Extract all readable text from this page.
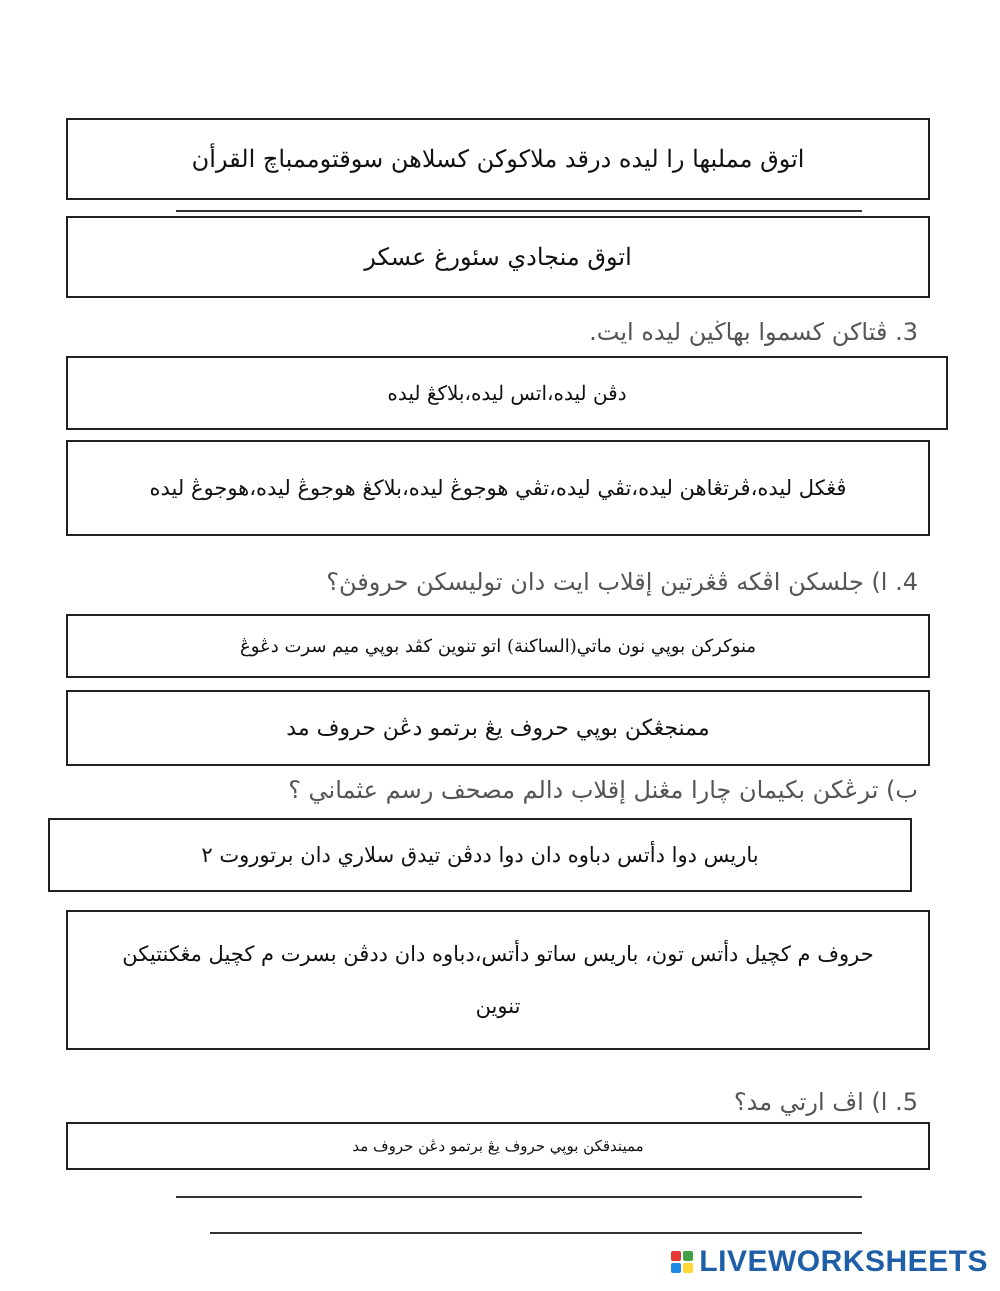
اتوق مملبها را ليده درقد ملاکوکن کسلاهن سوقتوممباچ القرأن
اتوق منجادي سئورغ عسكر
3. ڤتاکن کسموا بهاڬين ليده ايت.
دڤن ليده،اتس ليده،بلاکڠ ليده
ڤڠکل ليده،ڤرتڠاهن ليده،تڤي ليده،تڤي هوجوڠ ليده،بلاکڠ هوجوڠ ليده،هوجوڠ ليده
4. ا) جلسکن اڤکه ڤڠرتين إقلاب ايت دان توليسکن حروفڽ؟
منوکرکن بوڽي نون ماتي(الساكنة) اتو تنوين کڤد بوڽي ميم سرت دڠوڠ
ممنجڠکن بوڽي حروف يڠ برتمو دڠن حروف مد
ب) ترڠکن بکيمان چارا مڠنل إقلاب دالم مصحف رسم عثماني ؟
باريس دوا دأتس دباوه دان دوا ددڤن تيدق سلاري دان برتوروت ٢
حروف م کچيل دأتس تون، باريس ساتو دأتس،دباوه دان ددڤن بسرت م کچيل مڠکنتيکن
تنوين
5. ا) اڤ ارتي مد؟
مميندقکن بوڽي حروف يڠ برتمو دڠن حروف مد
LIVEWORKSHEETS
